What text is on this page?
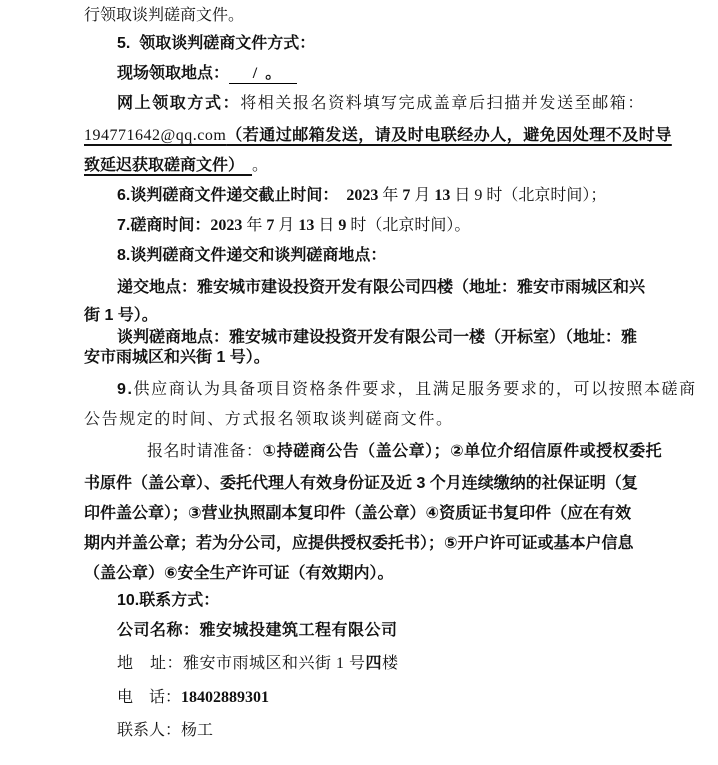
行领取谈判磋商文件。
5.  领取谈判磋商文件方式：
现场领取地点：  /  。
网上领取方式：将相关报名资料填写完成盖章后扫描并发送至邮箱：
194771642@qq.com（若通过邮箱发送，请及时电联经办人，避免因处理不及时导
致延迟获取磋商文件）　。
6.谈判磋商文件递交截止时间：  2023 年 7 月 13 日 9 时（北京时间）；
7.磋商时间：2023 年 7 月 13 日 9 时（北京时间）。
8.谈判磋商文件递交和谈判磋商地点：
递交地点：雅安城市建设投资开发有限公司四楼（地址：雅安市雨城区和兴
街 1 号）。
谈判磋商地点：雅安城市建设投资开发有限公司一楼（开标室）（地址：雅
安市雨城区和兴街 1 号）。
9.供应商认为具备项目资格条件要求，且满足服务要求的，可以按照本磋商
公告规定的时间、方式报名领取谈判磋商文件。
报名时请准备：①持磋商公告（盖公章）；②单位介绍信原件或授权委托
书原件（盖公章）、委托代理人有效身份证及近 3 个月连续缴纳的社保证明（复
印件盖公章）；③营业执照副本复印件（盖公章）④资质证书复印件（应在有效
期内并盖公章；若为分公司，应提供授权委托书）；⑤开户许可证或基本户信息
（盖公章）⑥安全生产许可证（有效期内）。
10.联系方式：
公司名称：雅安城投建筑工程有限公司
地　址：雅安市雨城区和兴街 1 号四楼
电　话：18402889301
联系人：杨工
